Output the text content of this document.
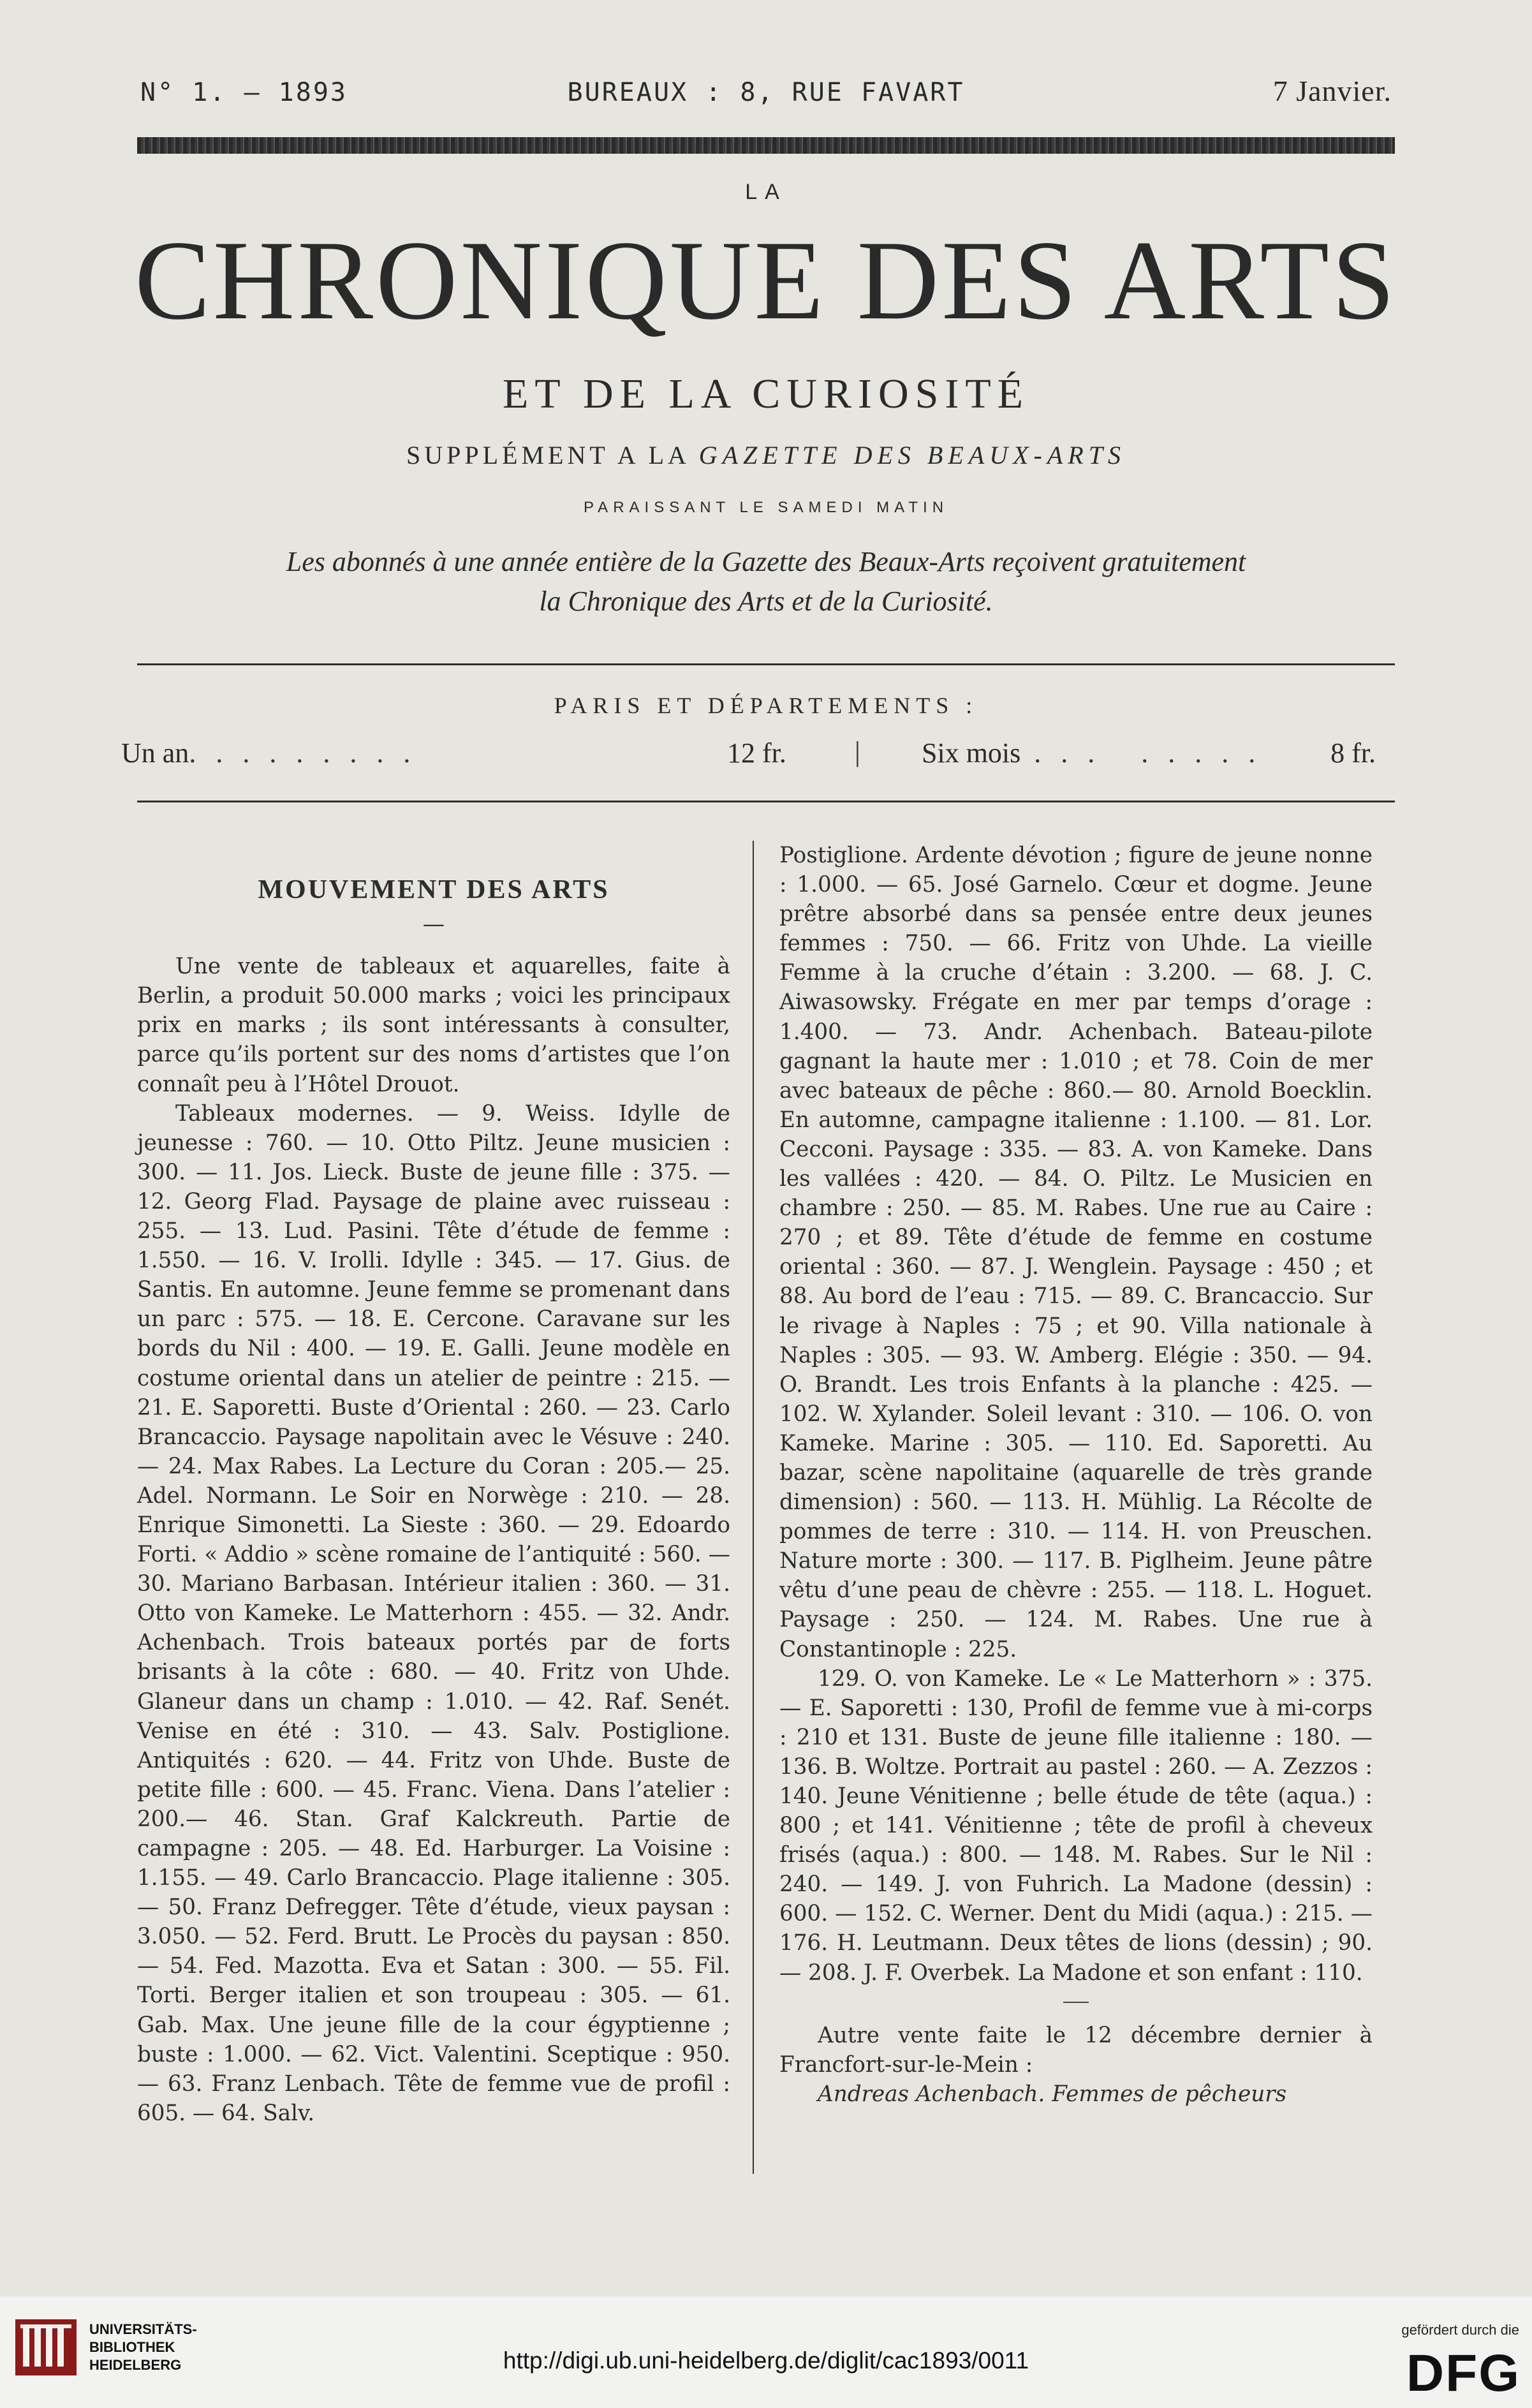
N° 1. — 1893	BUREAUX : 8, RUE FAVART	7 Janvier.
LA
CHRONIQUE DES ARTS
ET DE LA CURIOSITÉ
SUPPLÉMENT A LA GAZETTE DES BEAUX-ARTS
PARAISSANT LE SAMEDI MATIN
Les abonnés à une année entière de la Gazette des Beaux-Arts reçoivent gratuitement
la Chronique des Arts et de la Curiosité.
PARIS ET DÉPARTEMENTS :
Un an. . . . . . . . .	12 fr. | Six mois . . .   . . . . . 8 fr.
MOUVEMENT DES ARTS
—

Une vente de tableaux et aquarelles, faite à Berlin, a produit 50.000 marks ; voici les principaux prix en marks ; ils sont intéressants à consulter, parce qu’ils portent sur des noms d’artistes que l’on connaît peu à l’Hôtel Drouot.

Tableaux modernes. — 9. Weiss. Idylle de jeunesse : 760. — 10. Otto Piltz. Jeune musicien : 300. — 11. Jos. Lieck. Buste de jeune fille : 375. — 12. Georg Flad. Paysage de plaine avec ruisseau : 255. — 13. Lud. Pasini. Tête d’étude de femme : 1.550. — 16. V. Irolli. Idylle : 345. — 17. Gius. de Santis. En automne. Jeune femme se promenant dans un parc : 575. — 18. E. Cercone. Caravane sur les bords du Nil : 400. — 19. E. Galli. Jeune modèle en costume oriental dans un atelier de peintre : 215. — 21. E. Saporetti. Buste d’Oriental : 260. — 23. Carlo Brancaccio. Paysage napolitain avec le Vésuve : 240. — 24. Max Rabes. La Lecture du Coran : 205.— 25. Adel. Normann. Le Soir en Norwège : 210. — 28. Enrique Simonetti. La Sieste : 360. — 29. Edoardo Forti. « Addio » scène romaine de l’antiquité : 560. — 30. Mariano Barbasan. Intérieur italien : 360. — 31. Otto von Kameke. Le Matterhorn : 455. — 32. Andr. Achenbach. Trois bateaux portés par de forts brisants à la côte : 680. — 40. Fritz von Uhde. Glaneur dans un champ : 1.010. — 42. Raf. Senét. Venise en été : 310. — 43. Salv. Postiglione. Antiquités : 620. — 44. Fritz von Uhde. Buste de petite fille : 600. — 45. Franc. Viena. Dans l’atelier : 200.— 46. Stan. Graf Kalckreuth. Partie de campagne : 205. — 48. Ed. Harburger. La Voisine : 1.155. — 49. Carlo Brancaccio. Plage italienne : 305. — 50. Franz Defregger. Tête d’étude, vieux paysan : 3.050. — 52. Ferd. Brutt. Le Procès du paysan : 850. — 54. Fed. Mazotta. Eva et Satan : 300. — 55. Fil. Torti. Berger italien et son troupeau : 305. — 61. Gab. Max. Une jeune fille de la cour égyptienne ; buste : 1.000. — 62. Vict. Valentini. Sceptique : 950. — 63. Franz Lenbach. Tête de femme vue de profil : 605. — 64. Salv.

Postiglione. Ardente dévotion ; figure de jeune nonne : 1.000. — 65. José Garnelo. Cœur et dogme. Jeune prêtre absorbé dans sa pensée entre deux jeunes femmes : 750. — 66. Fritz von Uhde. La vieille Femme à la cruche d’étain : 3.200. — 68. J. C. Aiwasowsky. Frégate en mer par temps d’orage : 1.400. — 73. Andr. Achenbach. Bateau-pilote gagnant la haute mer : 1.010 ; et 78. Coin de mer avec bateaux de pêche : 860.— 80. Arnold Boecklin. En automne, campagne italienne : 1.100. — 81. Lor. Cecconi. Paysage : 335. — 83. A. von Kameke. Dans les vallées : 420. — 84. O. Piltz. Le Musicien en chambre : 250. — 85. M. Rabes. Une rue au Caire : 270 ; et 89. Tête d’étude de femme en costume oriental : 360. — 87. J. Wenglein. Paysage : 450 ; et 88. Au bord de l’eau : 715. — 89. C. Brancaccio. Sur le rivage à Naples : 75 ; et 90. Villa nationale à Naples : 305. — 93. W. Amberg. Elégie : 350. — 94. O. Brandt. Les trois Enfants à la planche : 425. — 102. W. Xylander. Soleil levant : 310. — 106. O. von Kameke. Marine : 305. — 110. Ed. Saporetti. Au bazar, scène napolitaine (aquarelle de très grande dimension) : 560. — 113. H. Mühlig. La Récolte de pommes de terre : 310. — 114. H. von Preuschen. Nature morte : 300. — 117. B. Piglheim. Jeune pâtre vêtu d’une peau de chèvre : 255. — 118. L. Hoguet. Paysage : 250. — 124. M. Rabes. Une rue à Constantinople : 225.

129. O. von Kameke. Le « Le Matterhorn » : 375. — E. Saporetti : 130, Profil de femme vue à mi-corps : 210 et 131. Buste de jeune fille italienne : 180. — 136. B. Woltze. Portrait au pastel : 260. — A. Zezzos : 140. Jeune Vénitienne ; belle étude de tête (aqua.) : 800 ; et 141. Vénitienne ; tête de profil à cheveux frisés (aqua.) : 800. — 148. M. Rabes. Sur le Nil : 240. — 149. J. von Fuhrich. La Madone (dessin) : 600. — 152. C. Werner. Dent du Midi (aqua.) : 215. — 176. H. Leutmann. Deux têtes de lions (dessin) ; 90. — 208. J. F. Overbek. La Madone et son enfant : 110.

Autre vente faite le 12 décembre dernier à Francfort-sur-le-Mein :

Andreas Achenbach. Femmes de pêcheurs

UNIVERSITÄTS-
BIBLIOTHEK
HEIDELBERG	http://digi.ub.uni-heidelberg.de/diglit/cac1893/0011
gefördert durch die
DFG
